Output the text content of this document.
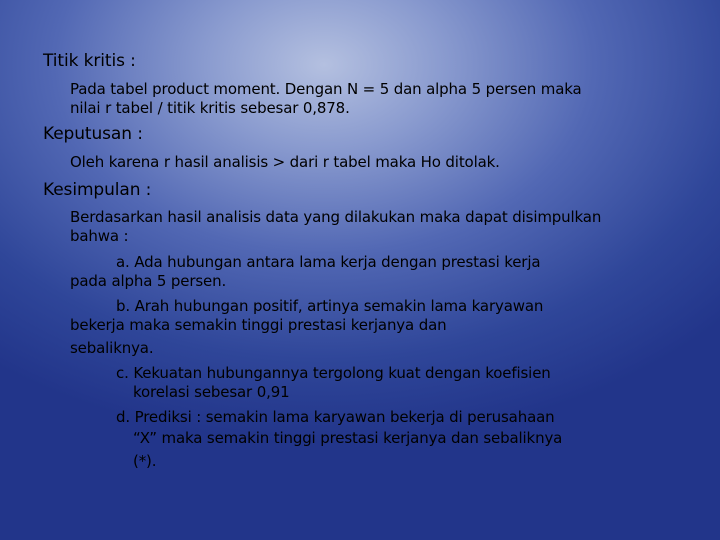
Titik kritis :

Pada tabel product moment. Dengan N = 5 dan alpha 5 persen maka

nilai r tabel / titik kritis sebesar 0,878.

Keputusan :

Oleh karena r hasil analisis > dari r tabel maka Ho ditolak.

Kesimpulan :

Berdasarkan hasil analisis data yang dilakukan maka dapat disimpulkan

bahwa :

a. Ada hubungan antara lama kerja dengan prestasi kerja

pada alpha 5 persen.

b. Arah hubungan positif, artinya semakin lama karyawan

bekerja maka semakin tinggi prestasi kerjanya dan

sebaliknya.

c. Kekuatan hubungannya tergolong kuat dengan koefisien

korelasi sebesar 0,91

d. Prediksi : semakin lama karyawan bekerja di perusahaan

“X” maka semakin tinggi prestasi kerjanya dan sebaliknya

(*).
